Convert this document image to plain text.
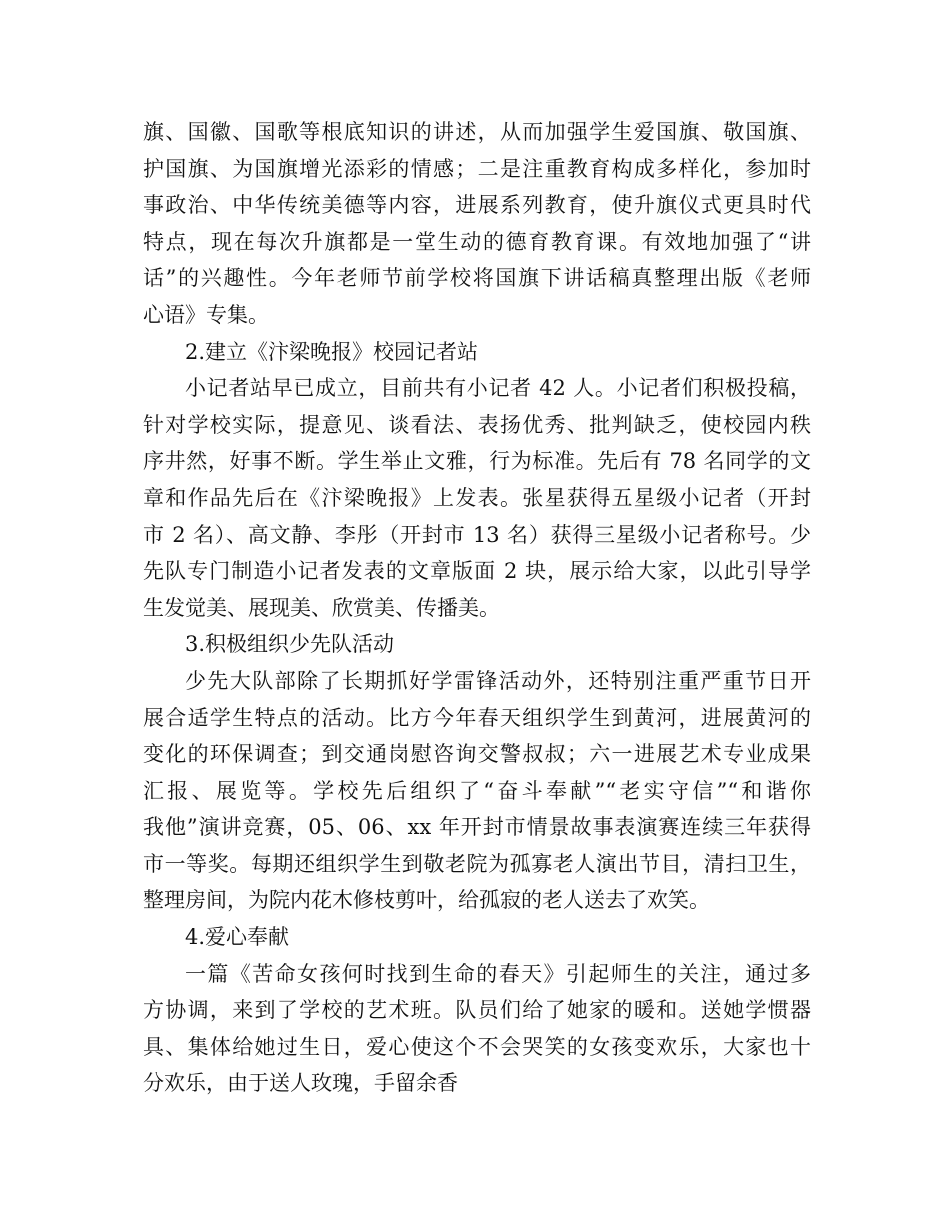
旗、国徽、国歌等根底知识的讲述，从而加强学生爱国旗、敬国旗、
护国旗、为国旗增光添彩的情感；二是注重教育构成多样化，参加时
事政治、中华传统美德等内容，进展系列教育，使升旗仪式更具时代
特点，现在每次升旗都是一堂生动的德育教育课。有效地加强了“讲
话”的兴趣性。今年老师节前学校将国旗下讲话稿真整理出版《老师
心语》专集。
2.建立《汴梁晚报》校园记者站
小记者站早已成立，目前共有小记者 42 人。小记者们积极投稿，
针对学校实际，提意见、谈看法、表扬优秀、批判缺乏，使校园内秩
序井然，好事不断。学生举止文雅，行为标准。先后有 78 名同学的文
章和作品先后在《汴梁晚报》上发表。张星获得五星级小记者（开封
市 2 名）、高文静、李彤（开封市 13 名）获得三星级小记者称号。少
先队专门制造小记者发表的文章版面 2 块，展示给大家，以此引导学
生发觉美、展现美、欣赏美、传播美。
3.积极组织少先队活动
少先大队部除了长期抓好学雷锋活动外，还特别注重严重节日开
展合适学生特点的活动。比方今年春天组织学生到黄河，进展黄河的
变化的环保调查；到交通岗慰咨询交警叔叔；六一进展艺术专业成果
汇报、展览等。学校先后组织了“奋斗奉献”“老实守信”“和谐你
我他”演讲竞赛，05、06、xx 年开封市情景故事表演赛连续三年获得
市一等奖。每期还组织学生到敬老院为孤寡老人演出节目，清扫卫生，
整理房间，为院内花木修枝剪叶，给孤寂的老人送去了欢笑。
4.爱心奉献
一篇《苦命女孩何时找到生命的春天》引起师生的关注，通过多
方协调，来到了学校的艺术班。队员们给了她家的暖和。送她学惯器
具、集体给她过生日，爱心使这个不会哭笑的女孩变欢乐，大家也十
分欢乐，由于送人玫瑰，手留余香
